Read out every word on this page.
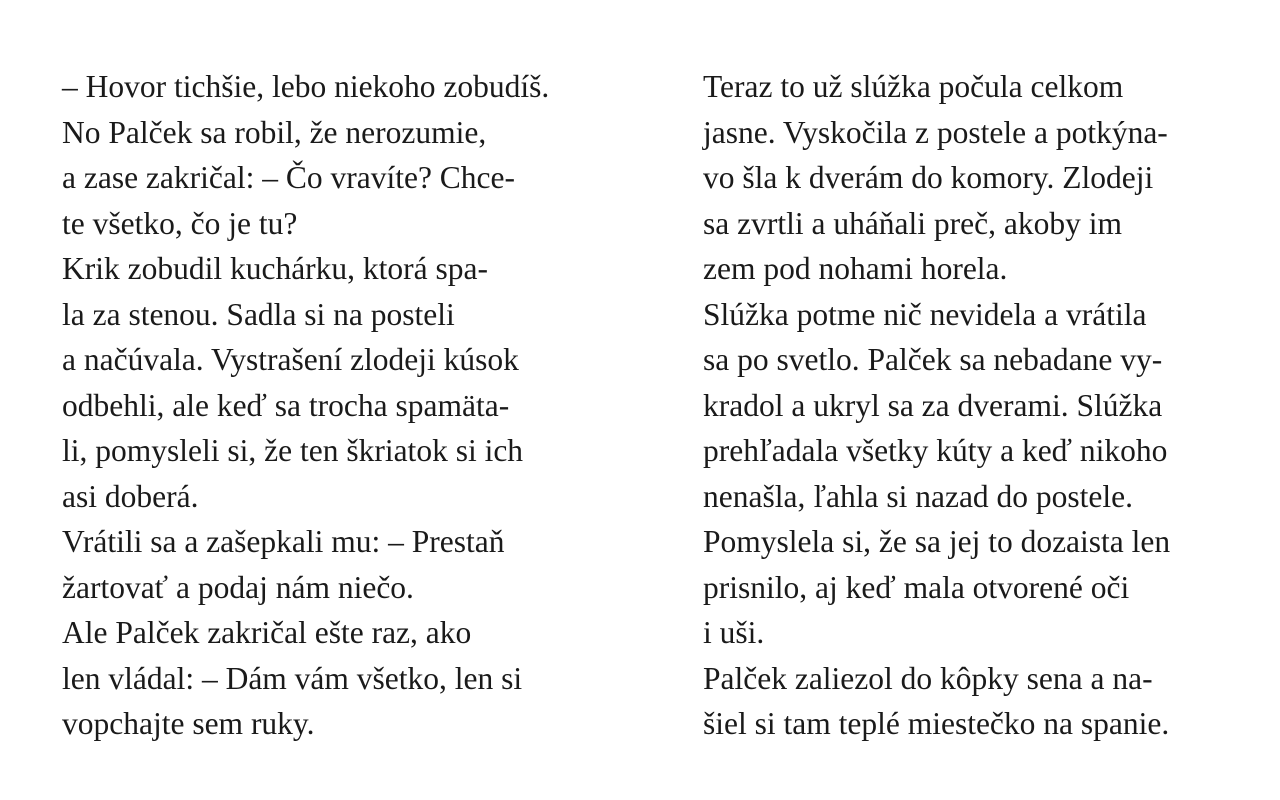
– Hovor tichšie, lebo niekoho zobudíš.
No Palček sa robil, že nerozumie,
a zase zakričal: – Čo vravíte? Chce-
te všetko, čo je tu?
Krik zobudil kuchárku, ktorá spa-
la za stenou. Sadla si na posteli
a načúvala. Vystrašení zlodeji kúsok
odbehli, ale keď sa trocha spamäta-
li, pomysleli si, že ten škriatok si ich
asi doberá.
Vrátili sa a zašepkali mu: – Prestaň
žartovať a podaj nám niečo.
Ale Palček zakričal ešte raz, ako
len vládal: – Dám vám všetko, len si
vopchajte sem ruky.
Teraz to už slúžka počula celkom
jasne. Vyskočila z postele a potkýna-
vo šla k dverám do komory. Zlodeji
sa zvrtli a uháňali preč, akoby im
zem pod nohami horela.
Slúžka potme nič nevidela a vrátila
sa po svetlo. Palček sa nebadane vy-
kradol a ukryl sa za dverami. Slúžka
prehľadala všetky kúty a keď nikoho
nenašla, ľahla si nazad do postele.
Pomyslela si, že sa jej to dozaista len
prisnilo, aj keď mala otvorené oči
i uši.
Palček zaliezol do kôpky sena a na-
šiel si tam teplé miestečko na spanie.
